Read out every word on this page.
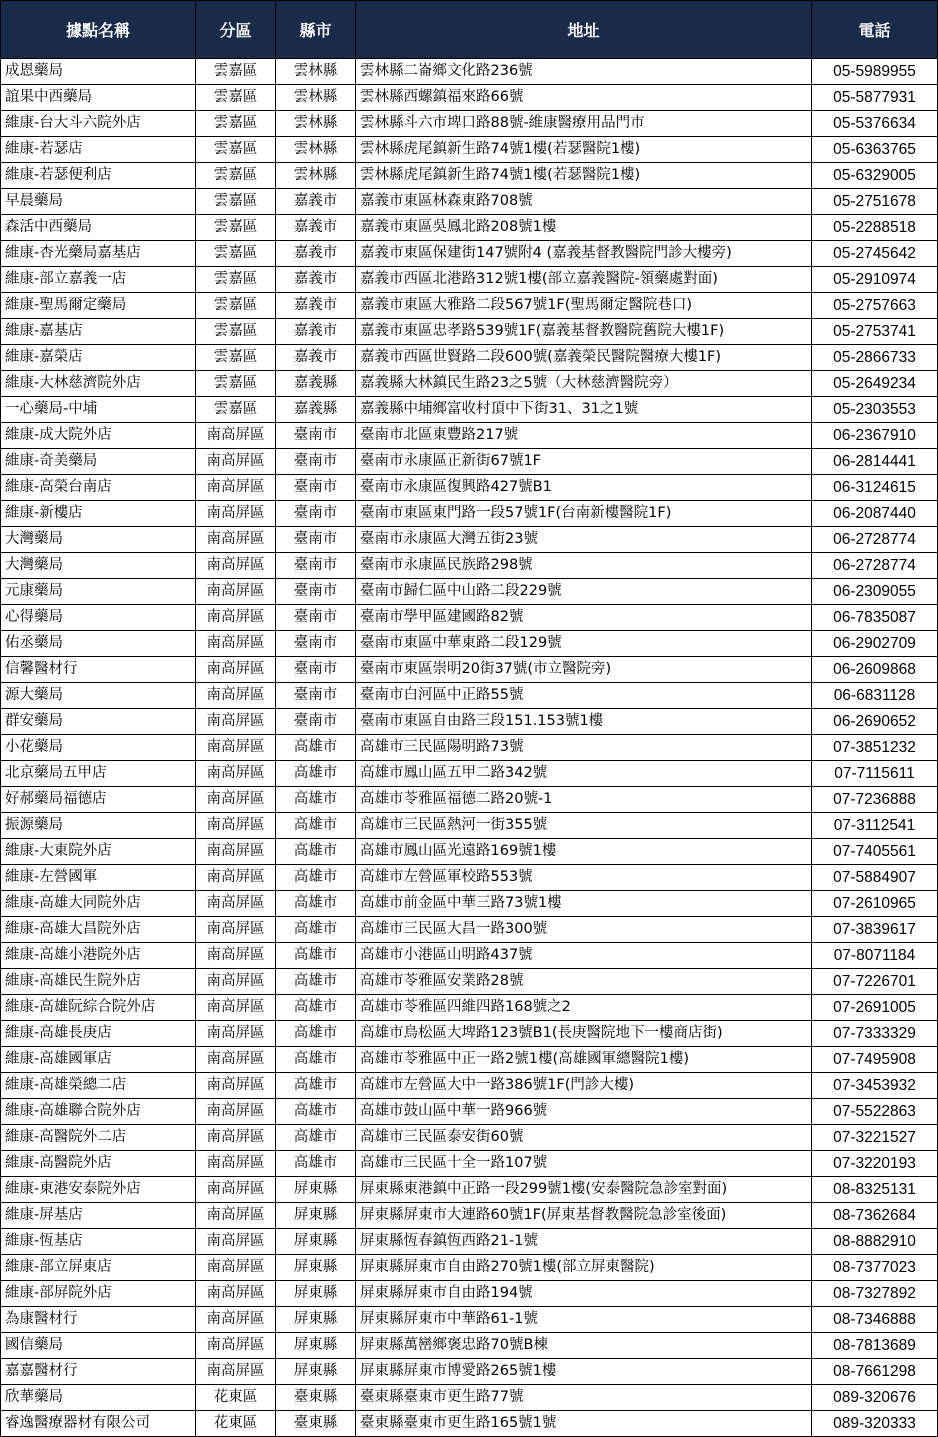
據點名稱	分區	縣市	地址	電話
成恩藥局	雲嘉區	雲林縣	雲林縣二崙鄉文化路236號	05-5989955
誼果中西藥局	雲嘉區	雲林縣	雲林縣西螺鎮福來路66號	05-5877931
維康-台大斗六院外店	雲嘉區	雲林縣	雲林縣斗六市埤口路88號-維康醫療用品門市	05-5376634
維康-若瑟店	雲嘉區	雲林縣	雲林縣虎尾鎮新生路74號1樓(若瑟醫院1樓)	05-6363765
維康-若瑟便利店	雲嘉區	雲林縣	雲林縣虎尾鎮新生路74號1樓(若瑟醫院1樓)	05-6329005
早晨藥局	雲嘉區	嘉義市	嘉義市東區林森東路708號	05-2751678
森活中西藥局	雲嘉區	嘉義市	嘉義市東區吳鳳北路208號1樓	05-2288518
維康-杏光藥局嘉基店	雲嘉區	嘉義市	嘉義市東區保建街147號附4 (嘉義基督教醫院門診大樓旁)	05-2745642
維康-部立嘉義一店	雲嘉區	嘉義市	嘉義市西區北港路312號1樓(部立嘉義醫院-領藥處對面)	05-2910974
維康-聖馬爾定藥局	雲嘉區	嘉義市	嘉義市東區大雅路二段567號1F(聖馬爾定醫院巷口)	05-2757663
維康-嘉基店	雲嘉區	嘉義市	嘉義市東區忠孝路539號1F(嘉義基督教醫院舊院大樓1F)	05-2753741
維康-嘉榮店	雲嘉區	嘉義市	嘉義市西區世賢路二段600號(嘉義榮民醫院醫療大樓1F)	05-2866733
維康-大林慈濟院外店	雲嘉區	嘉義縣	嘉義縣大林鎮民生路23之5號（大林慈濟醫院旁）	05-2649234
一心藥局-中埔	雲嘉區	嘉義縣	嘉義縣中埔鄉富收村頂中下街31、31之1號	05-2303553
維康-成大院外店	南高屏區	臺南市	臺南市北區東豐路217號	06-2367910
維康-奇美藥局	南高屏區	臺南市	臺南市永康區正新街67號1F	06-2814441
維康-高榮台南店	南高屏區	臺南市	臺南市永康區復興路427號B1	06-3124615
維康-新樓店	南高屏區	臺南市	臺南市東區東門路一段57號1F(台南新樓醫院1F)	06-2087440
大灣藥局	南高屏區	臺南市	臺南市永康區大灣五街23號	06-2728774
大灣藥局	南高屏區	臺南市	臺南市永康區民族路298號	06-2728774
元康藥局	南高屏區	臺南市	臺南市歸仁區中山路二段229號	06-2309055
心得藥局	南高屏區	臺南市	臺南市學甲區建國路82號	06-7835087
佑丞藥局	南高屏區	臺南市	臺南市東區中華東路二段129號	06-2902709
信馨醫材行	南高屏區	臺南市	臺南市東區崇明20街37號(市立醫院旁)	06-2609868
源大藥局	南高屏區	臺南市	臺南市白河區中正路55號	06-6831128
群安藥局	南高屏區	臺南市	臺南市東區自由路三段151.153號1樓	06-2690652
小花藥局	南高屏區	高雄市	高雄市三民區陽明路73號	07-3851232
北京藥局五甲店	南高屏區	高雄市	高雄市鳳山區五甲二路342號	07-7115611
好郝藥局福德店	南高屏區	高雄市	高雄市苓雅區福德二路20號-1	07-7236888
振源藥局	南高屏區	高雄市	高雄市三民區熱河一街355號	07-3112541
維康-大東院外店	南高屏區	高雄市	高雄市鳳山區光遠路169號1樓	07-7405561
維康-左營國軍	南高屏區	高雄市	高雄市左營區軍校路553號	07-5884907
維康-高雄大同院外店	南高屏區	高雄市	高雄市前金區中華三路73號1樓	07-2610965
維康-高雄大昌院外店	南高屏區	高雄市	高雄市三民區大昌一路300號	07-3839617
維康-高雄小港院外店	南高屏區	高雄市	高雄市小港區山明路437號	07-8071184
維康-高雄民生院外店	南高屏區	高雄市	高雄市苓雅區安業路28號	07-7226701
維康-高雄阮綜合院外店	南高屏區	高雄市	高雄市苓雅區四維四路168號之2	07-2691005
維康-高雄長庚店	南高屏區	高雄市	高雄市鳥松區大埤路123號B1(長庚醫院地下一樓商店街)	07-7333329
維康-高雄國軍店	南高屏區	高雄市	高雄市苓雅區中正一路2號1樓(高雄國軍總醫院1樓)	07-7495908
維康-高雄榮總二店	南高屏區	高雄市	高雄市左營區大中一路386號1F(門診大樓)	07-3453932
維康-高雄聯合院外店	南高屏區	高雄市	高雄市鼓山區中華一路966號	07-5522863
維康-高醫院外二店	南高屏區	高雄市	高雄市三民區泰安街60號	07-3221527
維康-高醫院外店	南高屏區	高雄市	高雄市三民區十全一路107號	07-3220193
維康-東港安泰院外店	南高屏區	屏東縣	屏東縣東港鎮中正路一段299號1樓(安泰醫院急診室對面)	08-8325131
維康-屏基店	南高屏區	屏東縣	屏東縣屏東市大連路60號1F(屏東基督教醫院急診室後面)	08-7362684
維康-恆基店	南高屏區	屏東縣	屏東縣恆春鎮恆西路21-1號	08-8882910
維康-部立屏東店	南高屏區	屏東縣	屏東縣屏東市自由路270號1樓(部立屏東醫院)	08-7377023
維康-部屏院外店	南高屏區	屏東縣	屏東縣屏東市自由路194號	08-7327892
為康醫材行	南高屏區	屏東縣	屏東縣屏東市中華路61-1號	08-7346888
國信藥局	南高屏區	屏東縣	屏東縣萬巒鄉褒忠路70號B棟	08-7813689
嘉嘉醫材行	南高屏區	屏東縣	屏東縣屏東市博愛路265號1樓	08-7661298
欣華藥局	花東區	臺東縣	臺東縣臺東市更生路77號	089-320676
睿逸醫療器材有限公司	花東區	臺東縣	臺東縣臺東市更生路165號1號	089-320333
